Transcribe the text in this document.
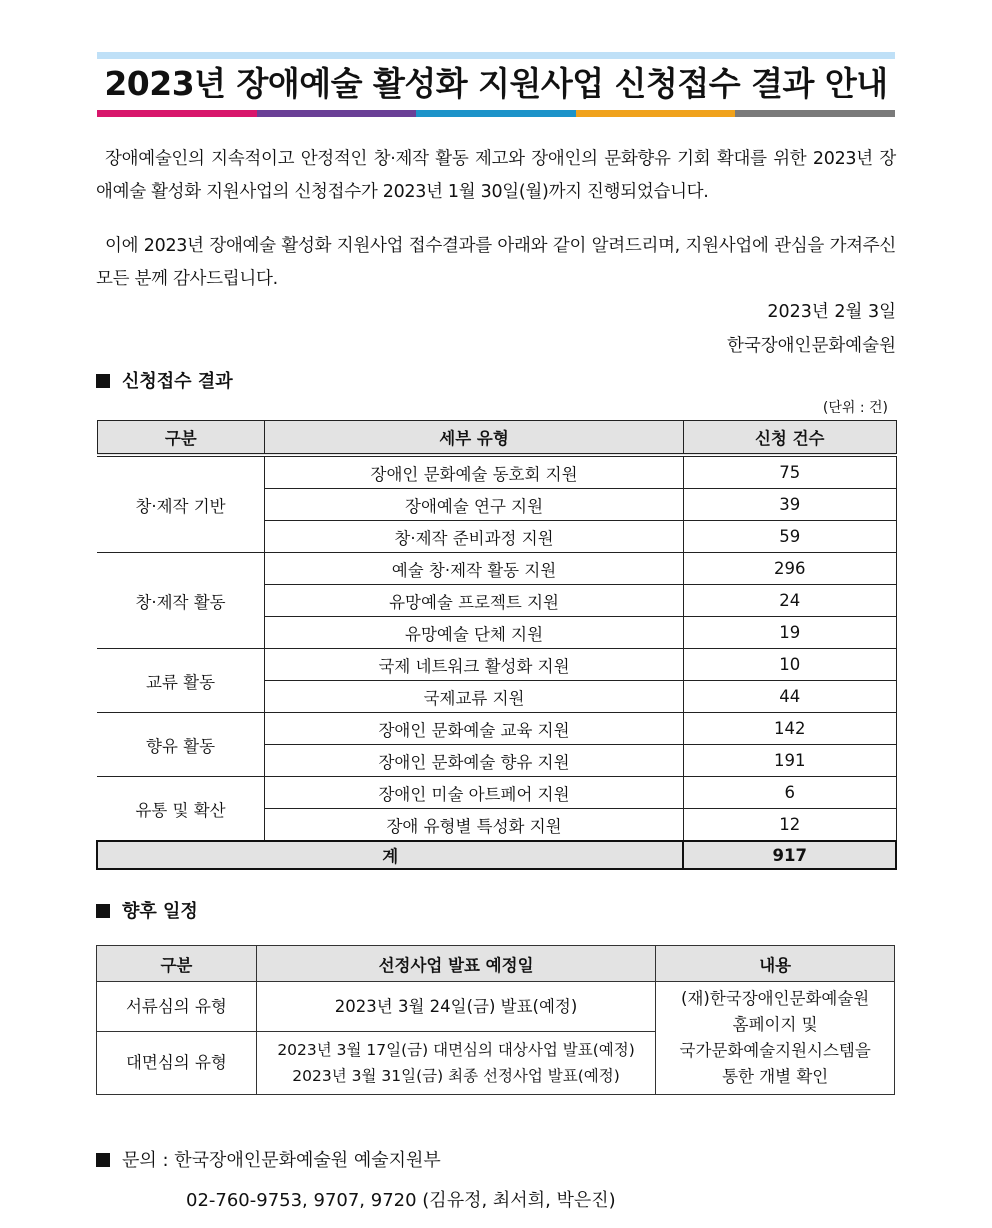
2023년 장애예술 활성화 지원사업 신청접수 결과 안내
장애예술인의 지속적이고 안정적인 창·제작 활동 제고와 장애인의 문화향유 기회 확대를 위한 2023년 장애예술 활성화 지원사업의 신청접수가 2023년 1월 30일(월)까지 진행되었습니다.
이에 2023년 장애예술 활성화 지원사업 접수결과를 아래와 같이 알려드리며, 지원사업에 관심을 가져주신 모든 분께 감사드립니다.
2023년 2월 3일
한국장애인문화예술원
신청접수 결과
(단위 : 건)
구분	세부 유형	신청 건수
창·제작 기반	장애인 문화예술 동호회 지원	75
	장애예술 연구 지원	39
	창·제작 준비과정 지원	59
창·제작 활동	예술 창·제작 활동 지원	296
	유망예술 프로젝트 지원	24
	유망예술 단체 지원	19
교류 활동	국제 네트워크 활성화 지원	10
	국제교류 지원	44
향유 활동	장애인 문화예술 교육 지원	142
	장애인 문화예술 향유 지원	191
유통 및 확산	장애인 미술 아트페어 지원	6
	장애 유형별 특성화 지원	12
계		917
향후 일정
구분	선정사업 발표 예정일	내용
서류심의 유형	2023년 3월 24일(금) 발표(예정)	(재)한국장애인문화예술원
홈페이지 및
국가문화예술지원시스템을
통한 개별 확인

대면심의 유형	2023년 3월 17일(금) 대면심의 대상사업 발표(예정)
2023년 3월 31일(금) 최종 선정사업 발표(예정)	
문의 : 한국장애인문화예술원 예술지원부
02-760-9753, 9707, 9720 (김유정, 최서희, 박은진)
